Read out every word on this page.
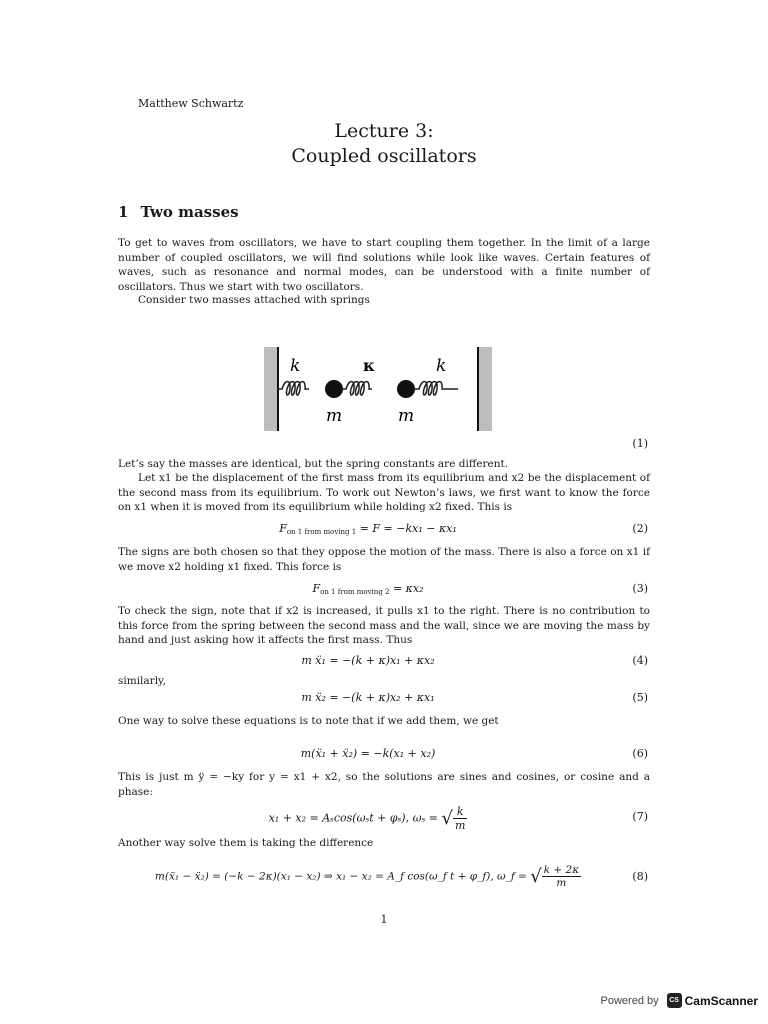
Matthew Schwartz
Lecture 3:
Coupled oscillators
1 Two masses
To get to waves from oscillators, we have to start coupling them together. In the limit of a large number of coupled oscillators, we will find solutions while look like waves. Certain features of waves, such as resonance and normal modes, can be understood with a finite number of oscillators. Thus we start with two oscillators.
Consider two masses attached with springs
k	κ	k
m	m
(1)
Let’s say the masses are identical, but the spring constants are different.
Let x1 be the displacement of the first mass from its equilibrium and x2 be the displacement of the second mass from its equilibrium. To work out Newton’s laws, we first want to know the force on x1 when it is moved from its equilibrium while holding x2 fixed. This is
$F_{on 1 from moving 1} = F = -kx_1 - \kappa x_1$	(2)
The signs are both chosen so that they oppose the motion of the mass. There is also a force on x1 if we move x2 holding x1 fixed. This force is
$F_{on 1 from moving 2} = \kappa x_2$	(3)
To check the sign, note that if x2 is increased, it pulls x1 to the right. There is no contribution to this force from the spring between the second mass and the wall, since we are moving the mass by hand and just asking how it affects the first mass. Thus
m ẍ₁ = −(k + κ)x₁ + κx₂	(4)
similarly,
m ẍ₂ = −(k + κ)x₂ + κx₁	(5)
One way to solve these equations is to note that if we add them, we get
m(ẍ₁ + ẍ₂) = −k(x₁ + x₂)	(6)
This is just m ÿ = −ky for y = x1 + x2, so the solutions are sines and cosines, or cosine and a phase:
x₁ + x₂ = Aₛcos(ωₛt + φₛ), ωₛ = √ $\frac{k}{m}$	(7)
Another way solve them is taking the difference
m(ẍ₁ − ẍ₂) = (−k − 2κ)(x₁ − x₂) ⇒ x₁ − x₂ = A_f cos(ω_f t + φ_f), ω_f = √ $\frac{k + 2\kappa}{m}$	(8)
1
Powered by	CS CamScanner
